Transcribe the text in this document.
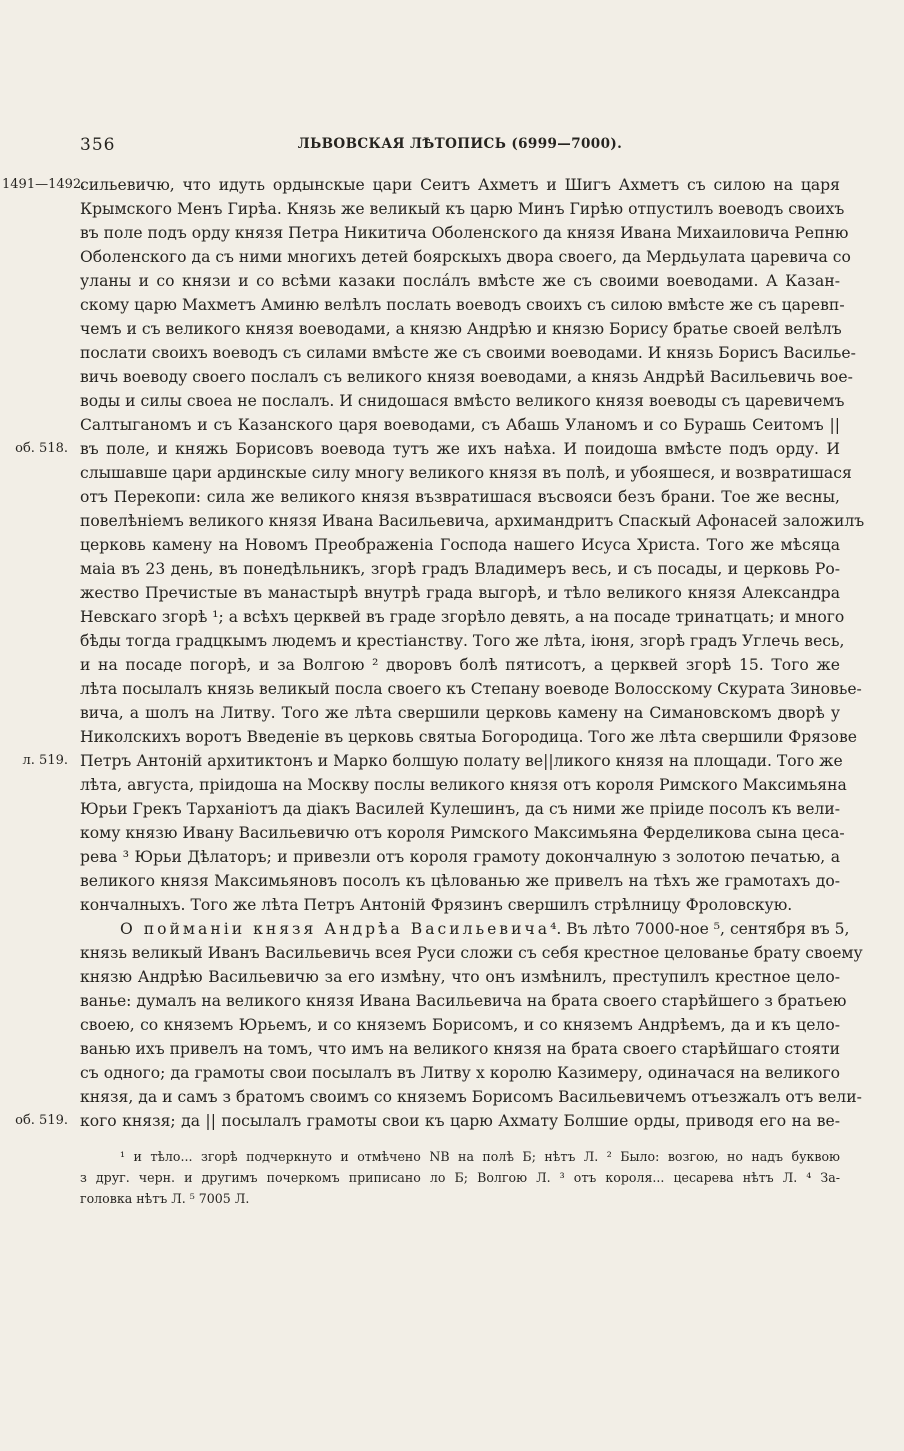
356	ЛЬВОВСКАЯ ЛѢТОПИСЬ (6999—7000).
1491—1492.
об. 518.
л. 519.
об. 519.
сильевичю, что идуть ордынскые цари Сеитъ Ахметъ и Шигъ Ахметъ съ силою на царя
Крымского Менъ Гирѣа. Князь же великый къ царю Минъ Гирѣю отпустилъ воеводъ своихъ
въ поле подъ орду князя Петра Никитича Оболенского да князя Ивана Михаиловича Репню
Оболенского да съ ними многихъ детей боярскыхъ двора своего, да Мердьулата царевича со
уланы и со князи и со всѣми казаки посла́лъ вмѣсте же съ своими воеводами. А Казан-
скому царю Махметъ Аминю велѣлъ послать воеводъ своихъ съ силою вмѣсте же съ царевп-
чемъ и съ великого князя воеводами, а князю Андрѣю и князю Борису братье своей велѣлъ
послати своихъ воеводъ съ силами вмѣсте же съ своими воеводами. И князь Борисъ Василье-
вичь воеводу своего послалъ съ великого князя воеводами, а князь Андрѣй Васильевичь вое-
воды и силы своеа не послалъ. И снидошася вмѣсто великого князя воеводы съ царевичемъ
Салтыганомъ и съ Казанского царя воеводами, съ Абашь Уланомъ и со Бурашь Сеитомъ ||
въ поле, и княжь Борисовъ воевода тутъ же ихъ наѣха. И поидоша вмѣсте подъ орду. И
слышавше цари ардинскые силу многу великого князя въ полѣ, и убояшеся, и возвратишася
отъ Перекопи: сила же великого князя възвратишася въсвояси безъ брани. Тое же весны,
повелѣніемъ великого князя Ивана Васильевича, архимандритъ Спаскый Афонасей заложилъ
церковь камену на Новомъ Преображеніа Господа нашего Исуса Христа. Того же мѣсяца
маіа въ 23 день, въ понедѣльникъ, згорѣ градъ Владимеръ весь, и съ посады, и церковь Ро-
жество Пречистые въ манастырѣ внутрѣ града выгорѣ, и тѣло великого князя Александра
Невскаго згорѣ ¹; а всѣхъ церквей въ граде згорѣло девять, а на посаде тринатцать; и много
бѣды тогда градцкымъ людемъ и крестіанству. Того же лѣта, іюня, згорѣ градъ Углечь весь,
и на посаде погорѣ, и за Волгою ² дворовъ болѣ пятисотъ, а церквей згорѣ 15. Того же
лѣта посылалъ князь великый посла своего къ Степану воеводе Волосскому Скурата Зиновье-
вича, а шолъ на Литву. Того же лѣта свершили церковь камену на Симановскомъ дворѣ у
Николскихъ воротъ Введеніе въ церковь святыа Богородица. Того же лѣта свершили Фрязове
Петръ Антоній архитиктонъ и Марко болшую полату ве||ликого князя на площади. Того же
лѣта, августа, пріидоша на Москву послы великого князя отъ короля Римского Максимьяна
Юрьи Грекъ Тарханіотъ да діакъ Василей Кулешинъ, да съ ними же пріиде посолъ къ вели-
кому князю Ивану Васильевичю отъ короля Римского Максимьяна Ферделикова сына цеса-
рева ³ Юрьи Дѣлаторъ; и привезли отъ короля грамоту докончалную з золотою печатью, а
великого князя Максимьяновъ посолъ къ цѣлованью же привелъ на тѣхъ же грамотахъ до-
кончалныхъ. Того же лѣта Петръ Антоній Фрязинъ свершилъ стрѣлницу Фроловскую.
О пойманіи князя Андрѣа Васильевича⁴. Въ лѣто 7000-ное ⁵, сентября въ 5,
князь великый Иванъ Васильевичь всея Руси сложи съ себя крестное целованье брату своему
князю Андрѣю Васильевичю за его измѣну, что онъ измѣнилъ, преступилъ крестное цело-
ванье: думалъ на великого князя Ивана Васильевича на брата своего старѣйшего з братьею
своею, со княземъ Юрьемъ, и со княземъ Борисомъ, и со княземъ Андрѣемъ, да и къ цело-
ванью ихъ привелъ на томъ, что имъ на великого князя на брата своего старѣйшаго стояти
съ одного; да грамоты свои посылалъ въ Литву х королю Казимеру, одиначася на великого
князя, да и самъ з братомъ своимъ со княземъ Борисомъ Васильевичемъ отъезжалъ отъ вели-
кого князя; да || посылалъ грамоты свои къ царю Ахмату Болшие орды, приводя его на ве-
¹ и тѣло... згорѣ подчеркнуто и отмѣчено NB на полѣ Б; нѣтъ Л. ² Было: возгою, но надъ буквою
з друг. черн. и другимъ почеркомъ приписано ло Б; Волгою Л. ³ отъ короля... цесарева нѣтъ Л. ⁴ За-
головка нѣтъ Л. ⁵ 7005 Л.
